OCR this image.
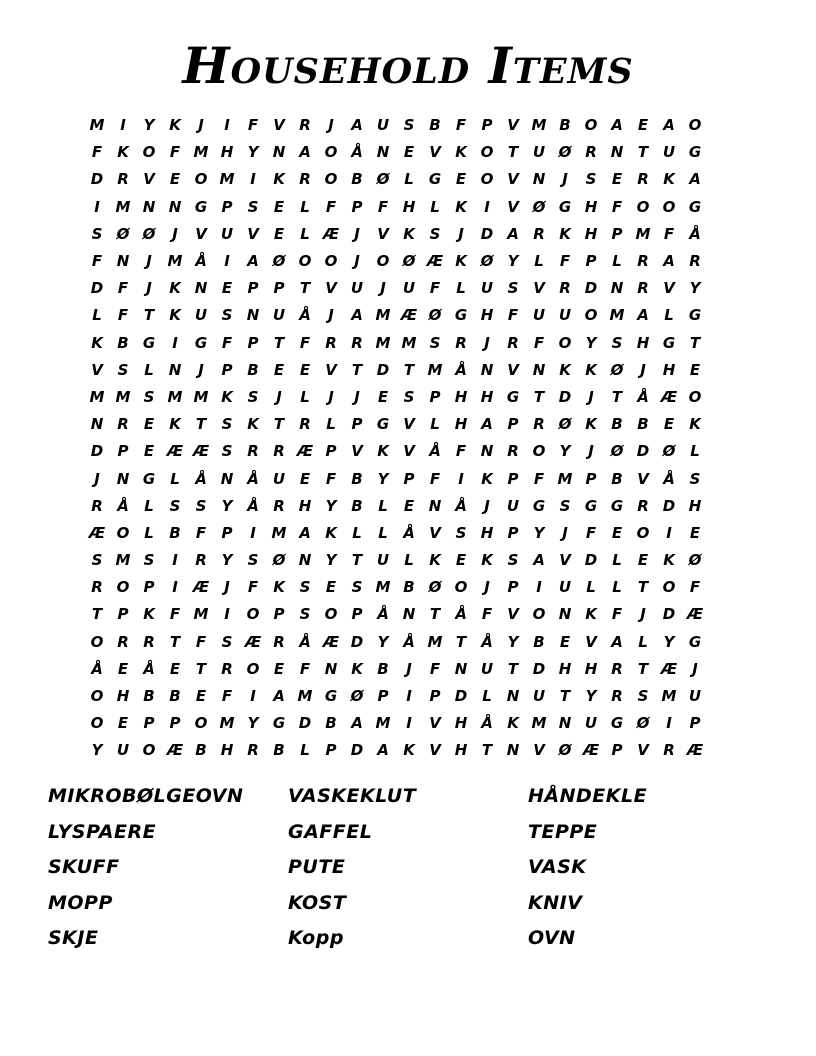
Household Items
M	I	Y K	J	I	F	V R	J	A U S B	F	P V M B O A	E	A O
F	K O F M H Y N A O Å N E	V K O T U Ø R N T U G
D R V	E O M	I	K R O B Ø L	G E O V N	J	S	E	R K A
I	M N N G P	S	E	L	F	P	F H L	K	I	V Ø G H F O O G
S Ø Ø	J	V U V	E	L Æ	J	V K S	J	D A R K H P M F	Å
F N	J	M Å	I	A Ø O O	J	O Ø Æ K Ø Y	L	F	P	L	R A R
D F	J	K N E	P	P	T	V U	J	U F	L	U S V R D N R V Y
L	F	T	K U S N U Å	J	A M Æ Ø G H F U U O M A	L	G
K B G	I	G F	P	T	F	R R M M S R	J	R	F O Y	S H G T
V S	L N	J	P B	E	E	V	T D T M Å N V N K K Ø	J	H E
M M S M M K S	J	L	J	J	E	S	P H H G T D	J	T	Å Æ O
N R	E	K	T	S K	T	R	L	P G V	L H A P R Ø K B B	E	K
D P	E Æ Æ S R R Æ P V K V Å	F N R O Y	J	Ø D Ø L
J	N G	L	Å N Å U E	F	B Y	P	F	I	K P	F M P B V Å S
R Å	L	S	S	Y Å R H Y B	L	E N Å	J	U G S G G R D H
Æ O L	B	F	P	I	M A K	L	L	Å V S H P	Y	J	F	E O	I	E
S M S	I	R Y	S Ø N Y	T U	L	K	E	K S A V D	L	E	K Ø
R O P	I	Æ	J	F	K S	E	S M B Ø O	J	P	I	U	L	L	T O F
T	P K	F M	I	O P	S O P Å N T	Å	F	V O N K	F	J	D Æ
O R R	T	F	S Æ R Å Æ D Y Å M T	Å Y B	E	V A	L	Y G
Å	E	Å	E	T	R O E	F N K B	J	F N U T D H H R	T Æ	J
O H B B	E	F	I	A M G Ø P	I	P D	L N U T	Y R S M U
O E	P	P O M Y G D B A M	I	V H Å K M N U G Ø	I	P
Y U O Æ B H R B	L	P D A K V H T N V Ø Æ P V R Æ
MIKROBØLGEOVN	VASKEKLUT	HÅNDEKLE
LYSPAERE	GAFFEL	TEPPE
SKUFF	PUTE	VASK
MOPP	KOST	KNIV
SKJE	Kopp	OVN
